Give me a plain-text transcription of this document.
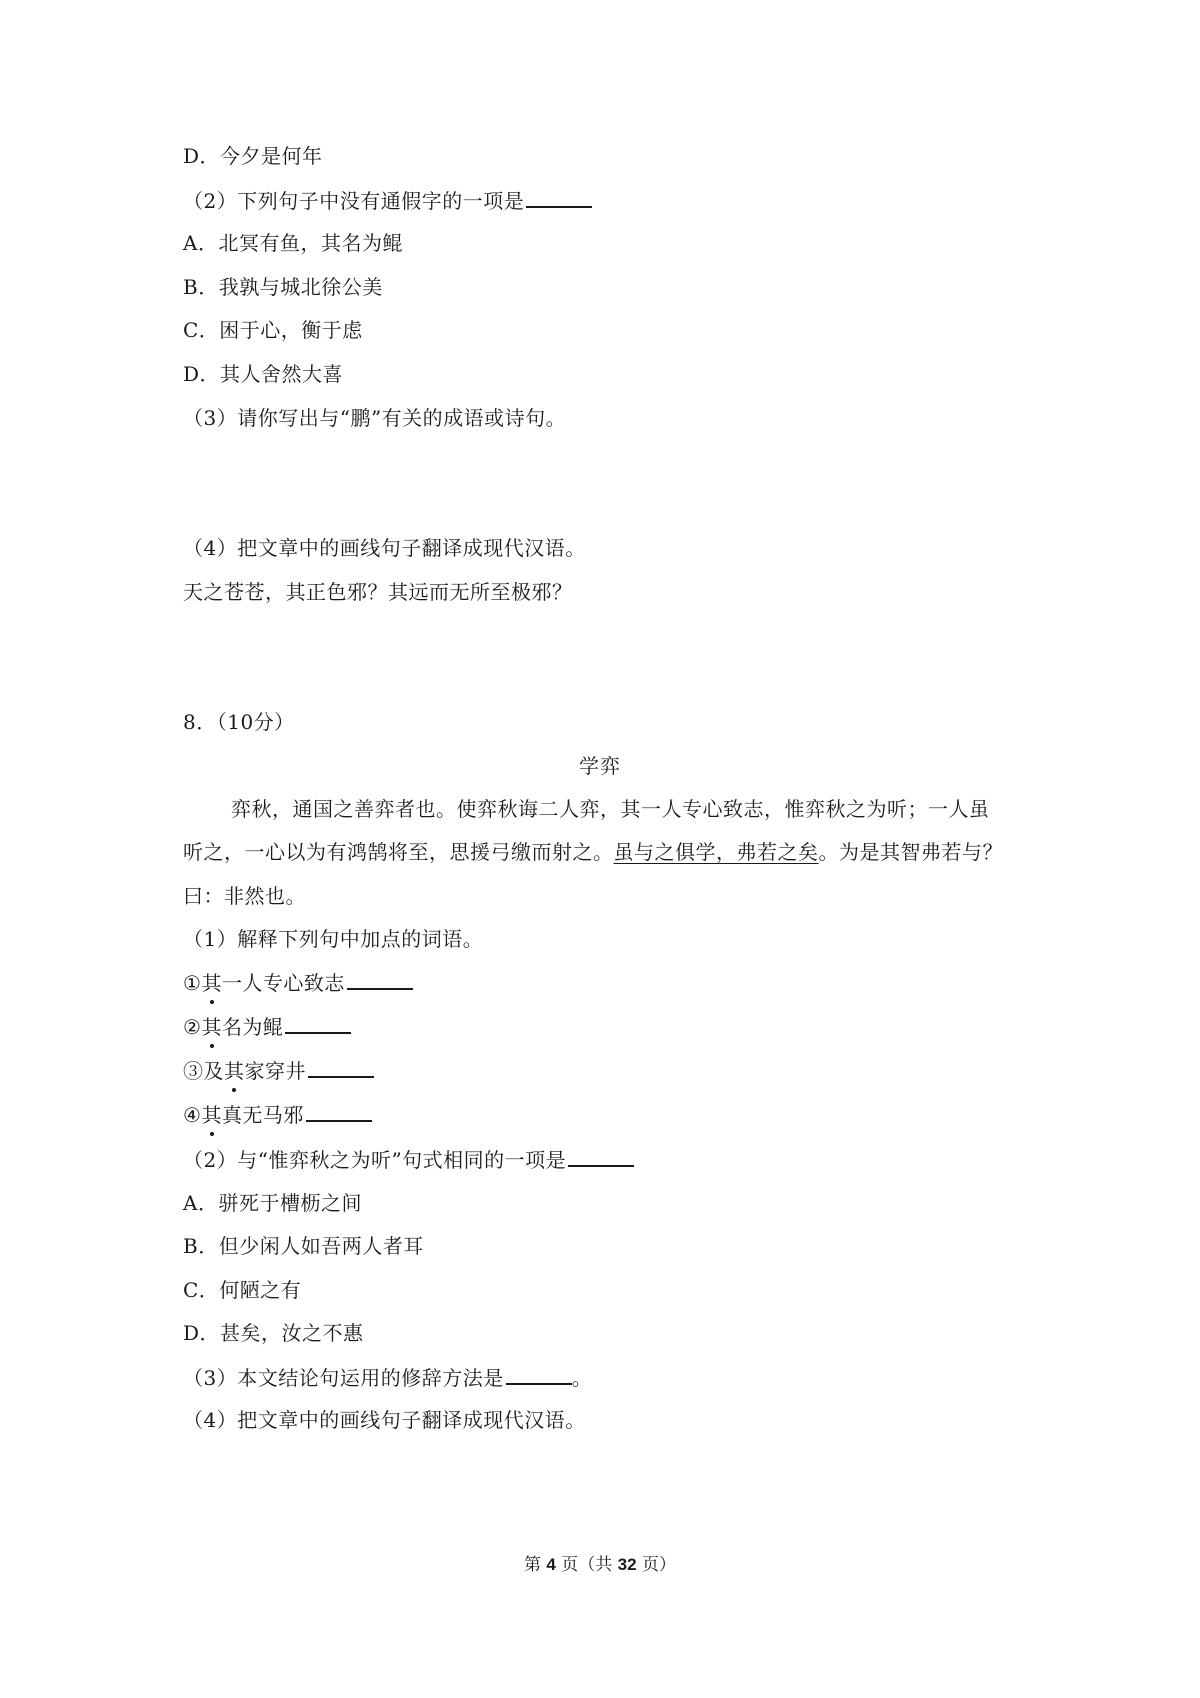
D．今夕是何年
（2）下列句子中没有通假字的一项是
A．北冥有鱼，其名为鲲
B．我孰与城北徐公美
C．困于心，衡于虑
D．其人舍然大喜
（3）请你写出与“鹏”有关的成语或诗句。
（4）把文章中的画线句子翻译成现代汉语。
天之苍苍，其正色邪？其远而无所至极邪？
8．（10分）
学弈
弈秋，通国之善弈者也。使弈秋诲二人弈，其一人专心致志，惟弈秋之为听；一人虽
听之，一心以为有鸿鹄将至，思援弓缴而射之。虽与之俱学，弗若之矣。为是其智弗若与？
曰：非然也。
（1）解释下列句中加点的词语。
①其一人专心致志
②其名为鲲
③及其家穿井
④其真无马邪
（2）与“惟弈秋之为听”句式相同的一项是
A．骈死于槽枥之间
B．但少闲人如吾两人者耳
C．何陋之有
D．甚矣，汝之不惠
（3）本文结论句运用的修辞方法是	。
（4）把文章中的画线句子翻译成现代汉语。
第 4 页（共 32 页）
